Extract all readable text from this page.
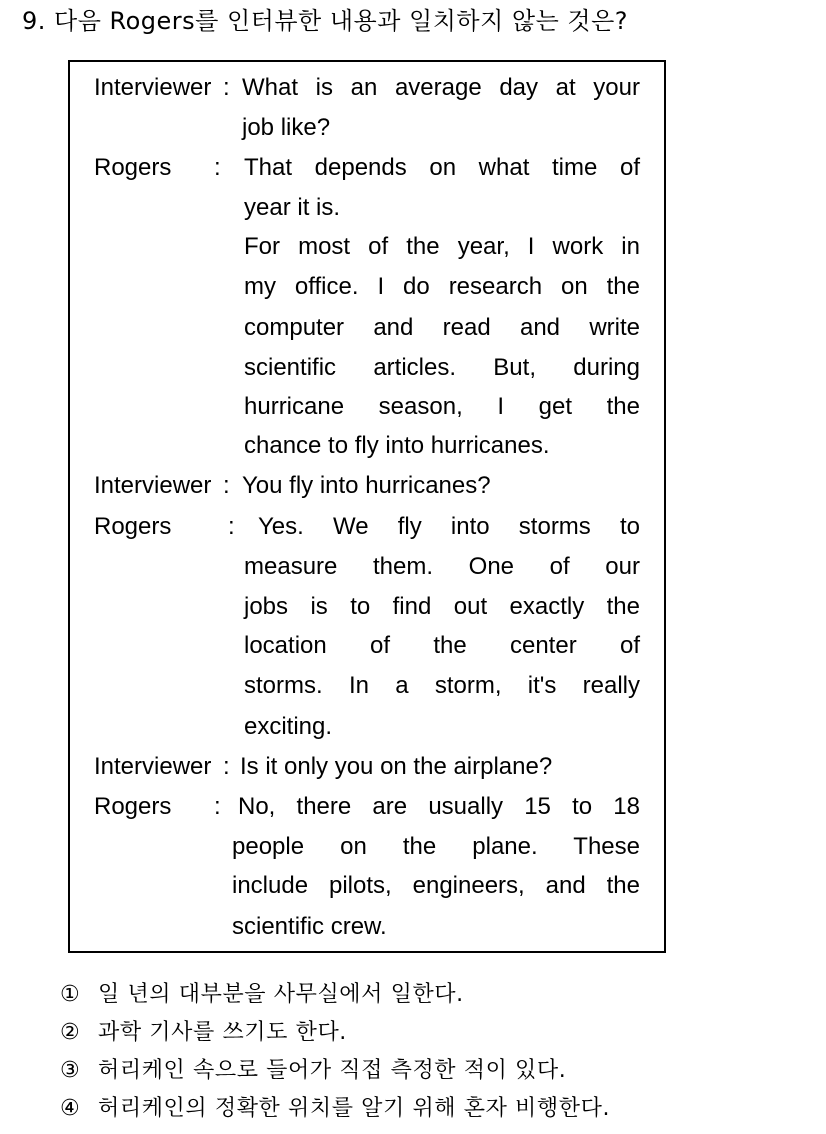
9. 다음 Rogers를 인터뷰한 내용과 일치하지 않는 것은?
Interviewer : What is an average day at your
job like?
Rogers : That depends on what time of
year it is.
For most of the year, I work in
my office. I do research on the
computer and read and write
scientific articles. But, during
hurricane season, I get the
chance to fly into hurricanes.
Interviewer : You fly into hurricanes?
Rogers : Yes. We fly into storms to
measure them. One of our
jobs is to find out exactly the
location of the center of
storms. In a storm, it's really
exciting.
Interviewer : Is it only you on the airplane?
Rogers : No, there are usually 15 to 18
people on the plane. These
include pilots, engineers, and the
scientific crew.
① 일 년의 대부분을 사무실에서 일한다.
② 과학 기사를 쓰기도 한다.
③ 허리케인 속으로 들어가 직접 측정한 적이 있다.
④ 허리케인의 정확한 위치를 알기 위해 혼자 비행한다.
